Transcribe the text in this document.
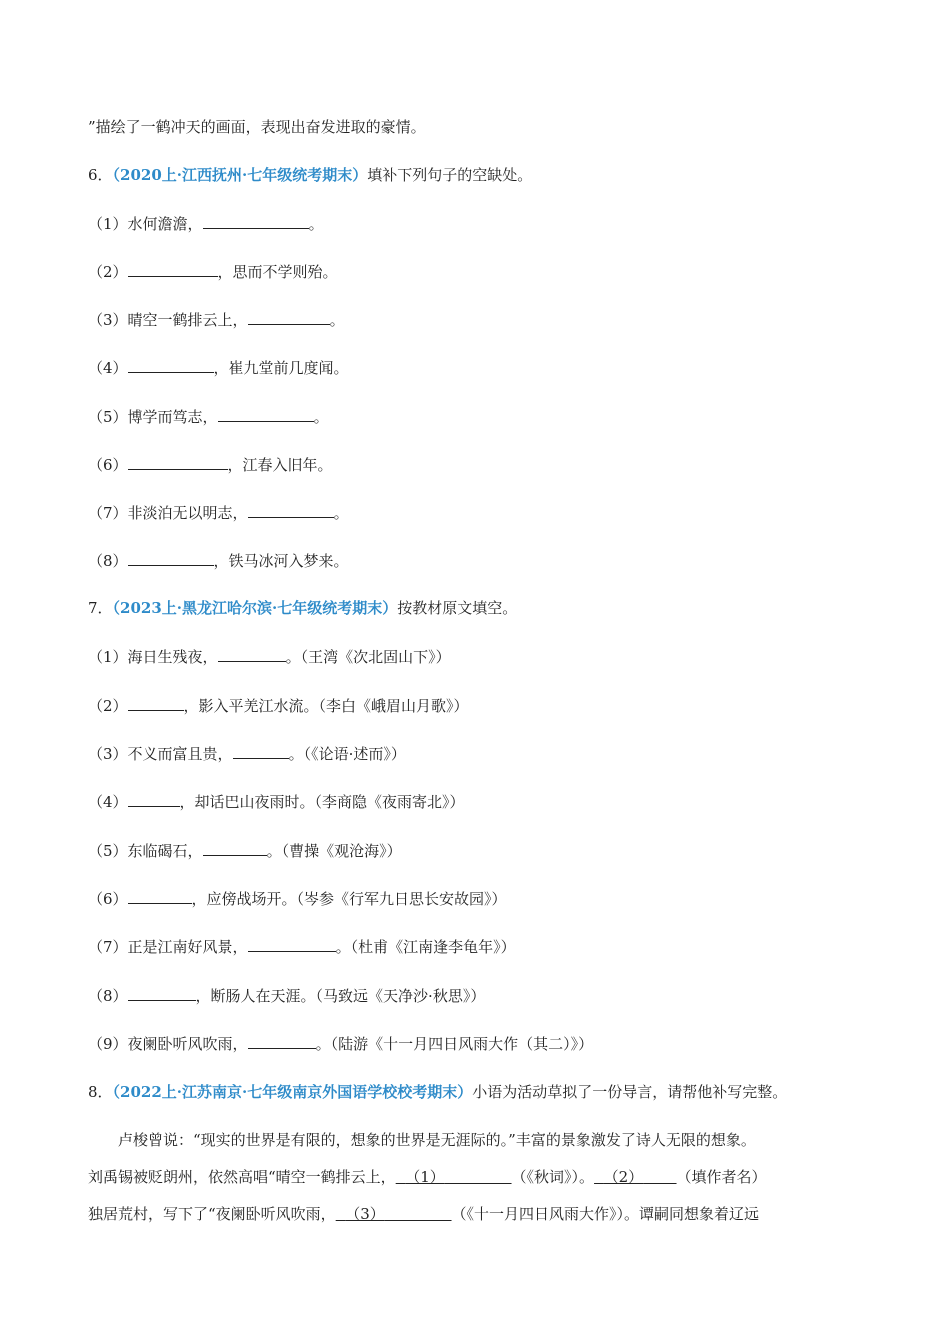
”描绘了一鹤冲天的画面，表现出奋发进取的豪情。
6．（2020上·江西抚州·七年级统考期末）填补下列句子的空缺处。
（1）水何澹澹，	。
（2）	，思而不学则殆。
（3）晴空一鹤排云上，	。
（4）	，崔九堂前几度闻。
（5）博学而笃志，	。
（6）	，江春入旧年。
（7）非淡泊无以明志，	。
（8）	，铁马冰河入梦来。
7．（2023上·黑龙江哈尔滨·七年级统考期末）按教材原文填空。
（1）海日生残夜，	。（王湾《次北固山下》）
（2）	，影入平羌江水流。（李白《峨眉山月歌》）
（3）不义而富且贵，	。（《论语·述而》）
（4）	，却话巴山夜雨时。（李商隐《夜雨寄北》）
（5）东临碣石，	。（曹操《观沧海》）
（6）	，应傍战场开。（岑参《行军九日思长安故园》）
（7）正是江南好风景，	。（杜甫《江南逢李龟年》）
（8）	，断肠人在天涯。（马致远《天净沙·秋思》）
（9）夜阑卧听风吹雨，	。（陆游《十一月四日风雨大作（其二）》）
8．（2022上·江苏南京·七年级南京外国语学校校考期末）小语为活动草拟了一份导言，请帮他补写完整。
卢梭曾说：“现实的世界是有限的，想象的世界是无涯际的。”丰富的景象激发了诗人无限的想象。
刘禹锡被贬朗州，依然高唱“晴空一鹤排云上， （1）	（《秋词》）。 （2） （填作者名）
独居荒村，写下了“夜阑卧听风吹雨， （3）	（《十一月四日风雨大作》）。谭嗣同想象着辽远
